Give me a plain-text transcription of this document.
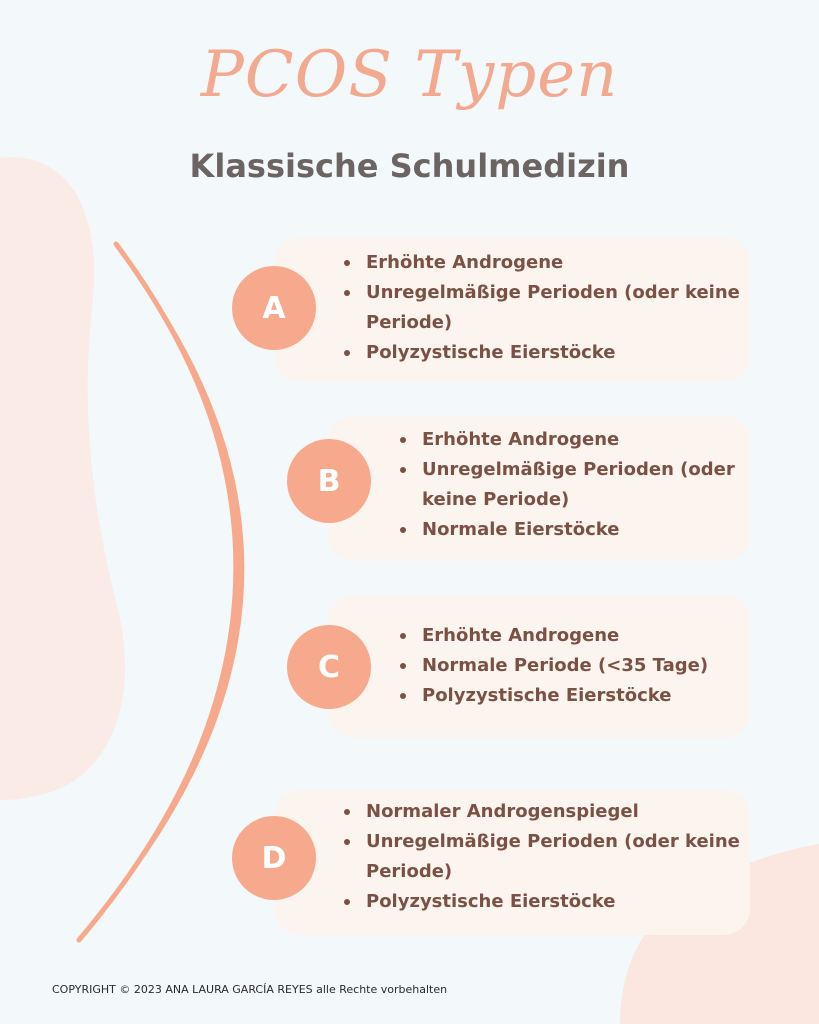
PCOS Typen
Klassische Schulmedizin
A
Erhöhte Androgene
Unregelmäßige Perioden (oder keine Periode)
Polyzystische Eierstöcke
B
Erhöhte Androgene
Unregelmäßige Perioden (oder keine Periode)
Normale Eierstöcke
C
Erhöhte Androgene
Normale Periode (<35 Tage)
Polyzystische Eierstöcke
D
Normaler Androgenspiegel
Unregelmäßige Perioden (oder keine Periode)
Polyzystische Eierstöcke
COPYRIGHT © 2023 ANA LAURA GARCÍA REYES alle Rechte vorbehalten
